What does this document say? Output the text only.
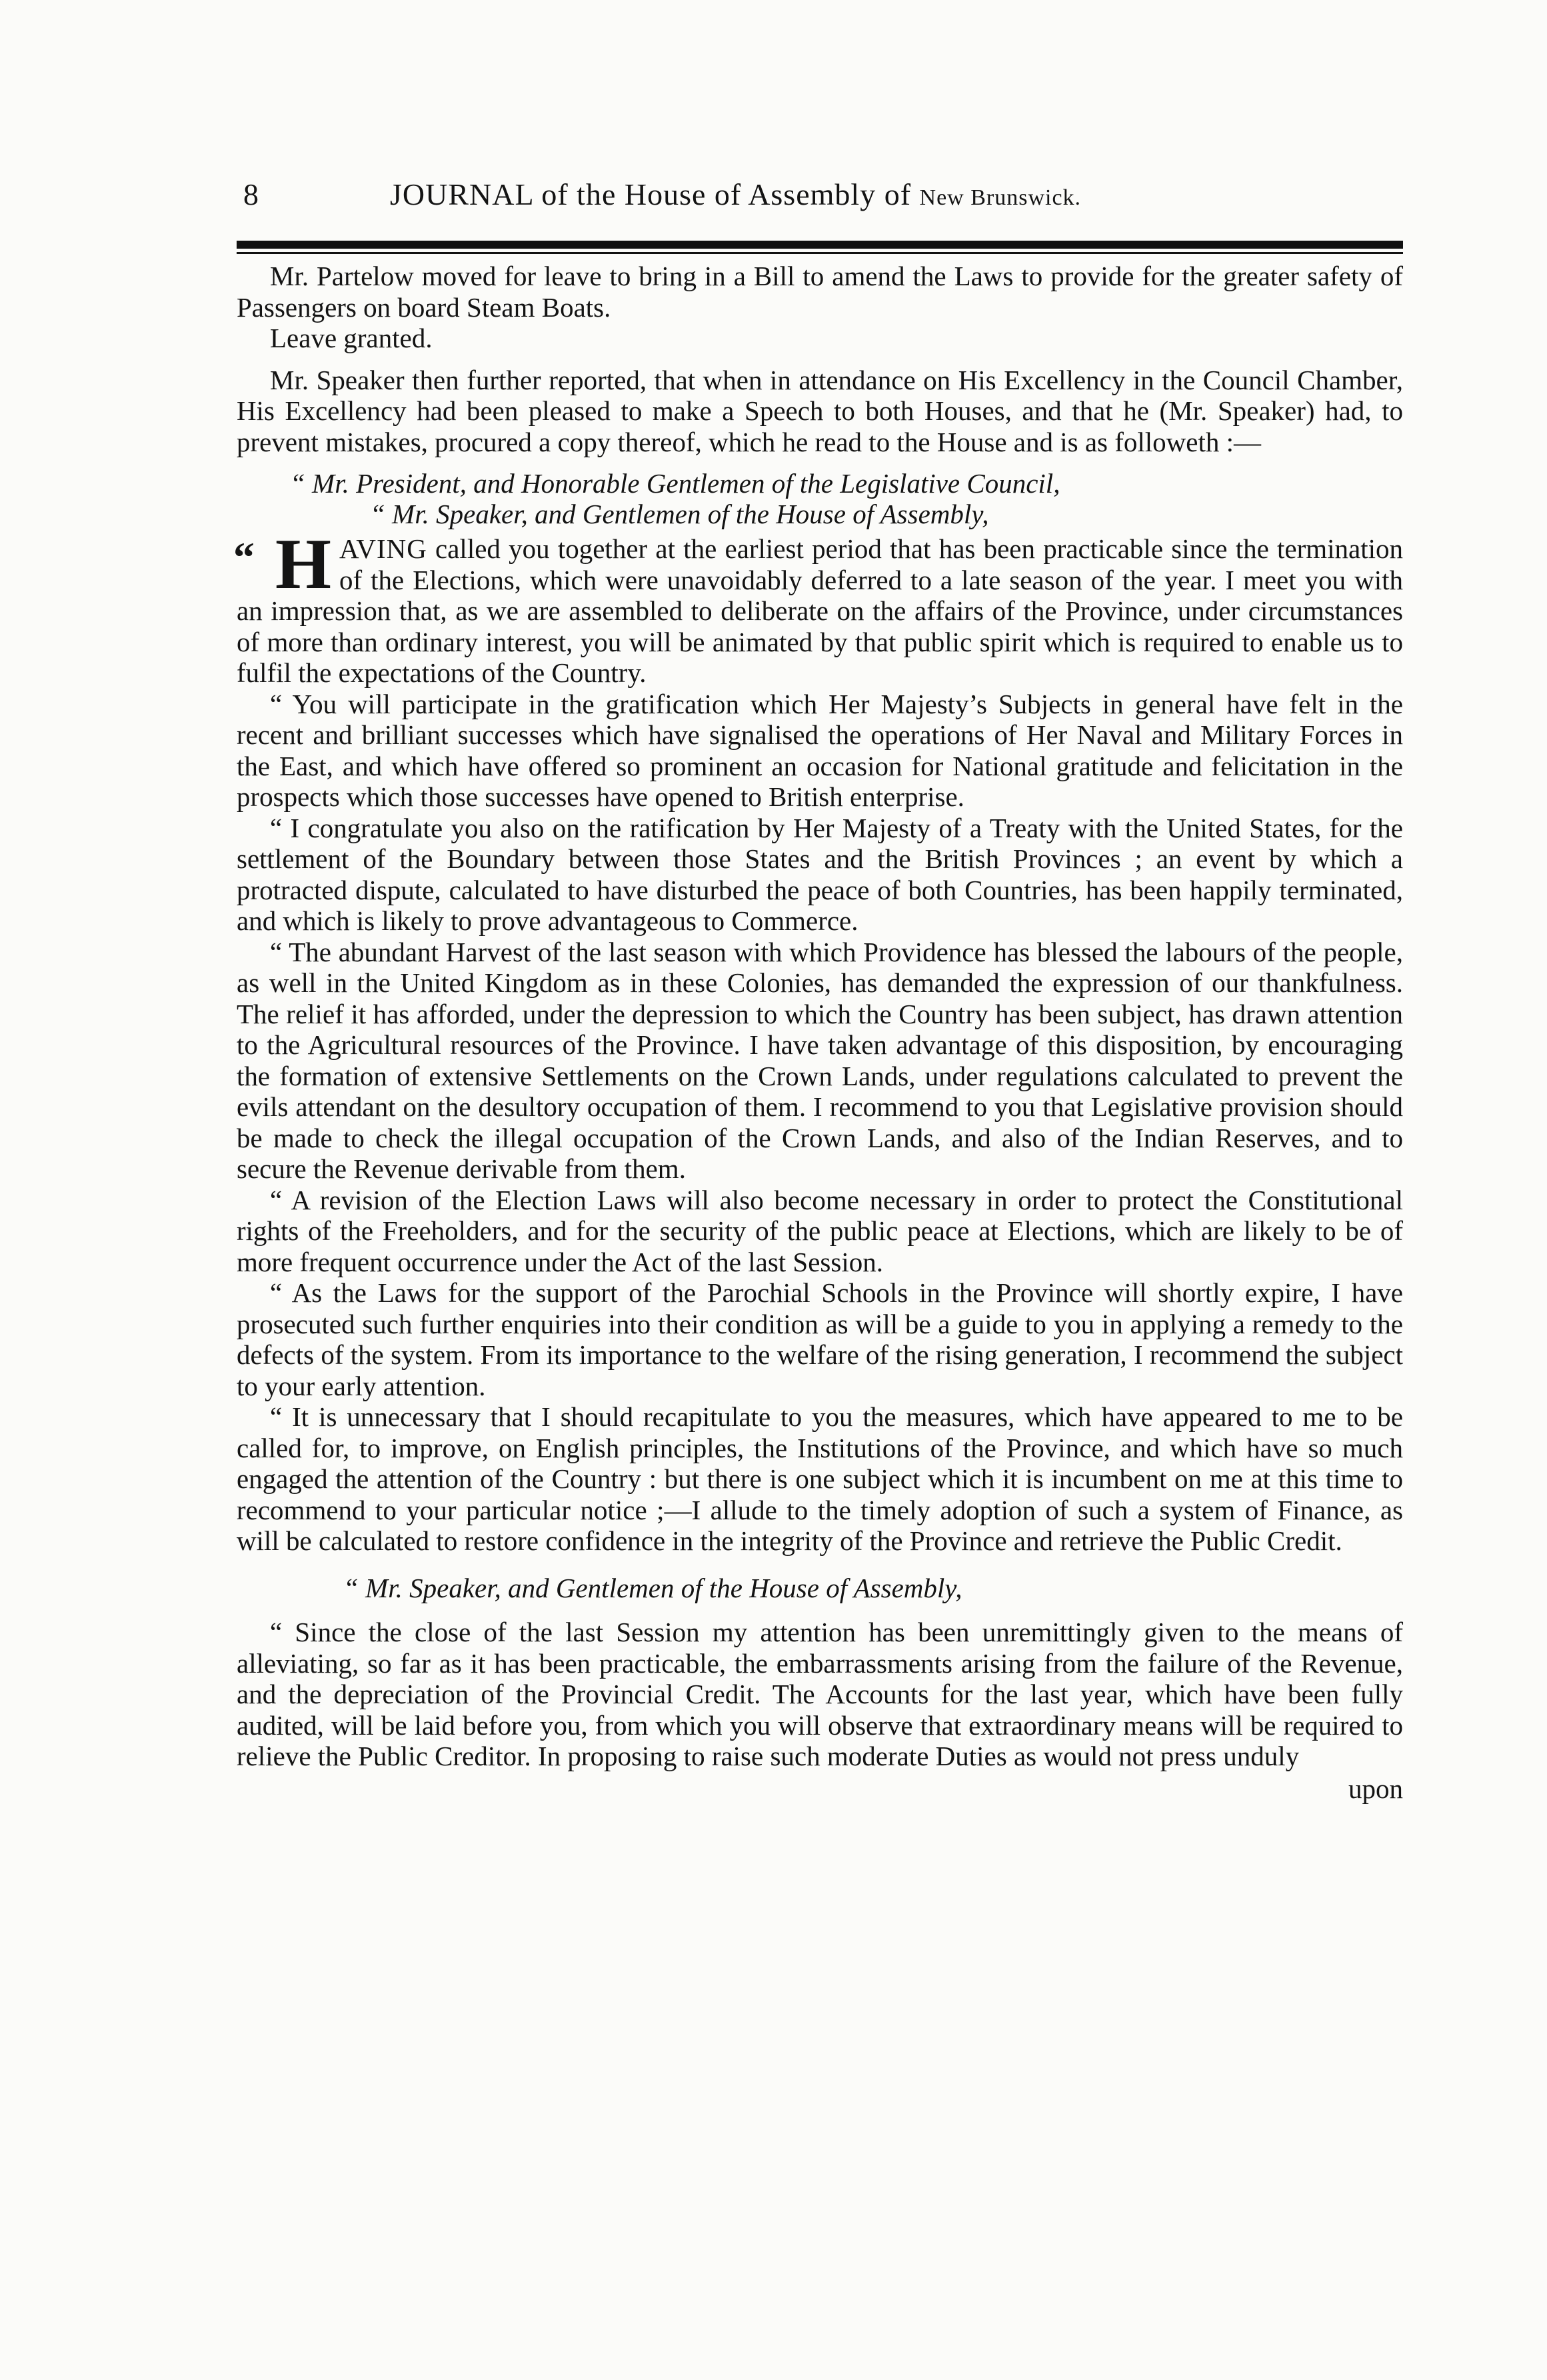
8	JOURNAL of the House of Assembly of New Brunswick.

Mr. Partelow moved for leave to bring in a Bill to amend the Laws to provide for the greater safety of Passengers on board Steam Boats.

Leave granted.

Mr. Speaker then further reported, that when in attendance on His Excellency in the Council Chamber, His Excellency had been pleased to make a Speech to both Houses, and that he (Mr. Speaker) had, to prevent mistakes, procured a copy thereof, which he read to the House and is as followeth :—

“ Mr. President, and Honorable Gentlemen of the Legislative Council,
“ Mr. Speaker, and Gentlemen of the House of Assembly,
“ H AVING called you together at the earliest period that has been practicable since the termination of the Elections, which were unavoidably deferred to a late season of the year. I meet you with an impression that, as we are assembled to deliberate on the affairs of the Province, under circumstances of more than ordinary interest, you will be animated by that public spirit which is required to enable us to fulfil the expectations of the Country.

“ You will participate in the gratification which Her Majesty’s Subjects in general have felt in the recent and brilliant successes which have signalised the operations of Her Naval and Military Forces in the East, and which have offered so prominent an occasion for National gratitude and felicitation in the prospects which those successes have opened to British enterprise.

“ I congratulate you also on the ratification by Her Majesty of a Treaty with the United States, for the settlement of the Boundary between those States and the British Provinces ; an event by which a protracted dispute, calculated to have disturbed the peace of both Countries, has been happily terminated, and which is likely to prove advantageous to Commerce.

“ The abundant Harvest of the last season with which Providence has blessed the labours of the people, as well in the United Kingdom as in these Colonies, has demanded the expression of our thankfulness. The relief it has afforded, under the depression to which the Country has been subject, has drawn attention to the Agricultural resources of the Province. I have taken advantage of this disposition, by encouraging the formation of extensive Settlements on the Crown Lands, under regulations calculated to prevent the evils attendant on the desultory occupation of them. I recommend to you that Legislative provision should be made to check the illegal occupation of the Crown Lands, and also of the Indian Reserves, and to secure the Revenue derivable from them.

“ A revision of the Election Laws will also become necessary in order to protect the Constitutional rights of the Freeholders, and for the security of the public peace at Elections, which are likely to be of more frequent occurrence under the Act of the last Session.

“ As the Laws for the support of the Parochial Schools in the Province will shortly expire, I have prosecuted such further enquiries into their condition as will be a guide to you in applying a remedy to the defects of the system. From its importance to the welfare of the rising generation, I recommend the subject to your early attention.

“ It is unnecessary that I should recapitulate to you the measures, which have appeared to me to be called for, to improve, on English principles, the Institutions of the Province, and which have so much engaged the attention of the Country : but there is one subject which it is incumbent on me at this time to recommend to your particular notice ;—I allude to the timely adoption of such a system of Finance, as will be calculated to restore confidence in the integrity of the Province and retrieve the Public Credit.

“ Mr. Speaker, and Gentlemen of the House of Assembly,

“ Since the close of the last Session my attention has been unremittingly given to the means of alleviating, so far as it has been practicable, the embarrassments arising from the failure of the Revenue, and the depreciation of the Provincial Credit. The Accounts for the last year, which have been fully audited, will be laid before you, from which you will observe that extraordinary means will be required to relieve the Public Creditor. In proposing to raise such moderate Duties as would not press unduly

upon
